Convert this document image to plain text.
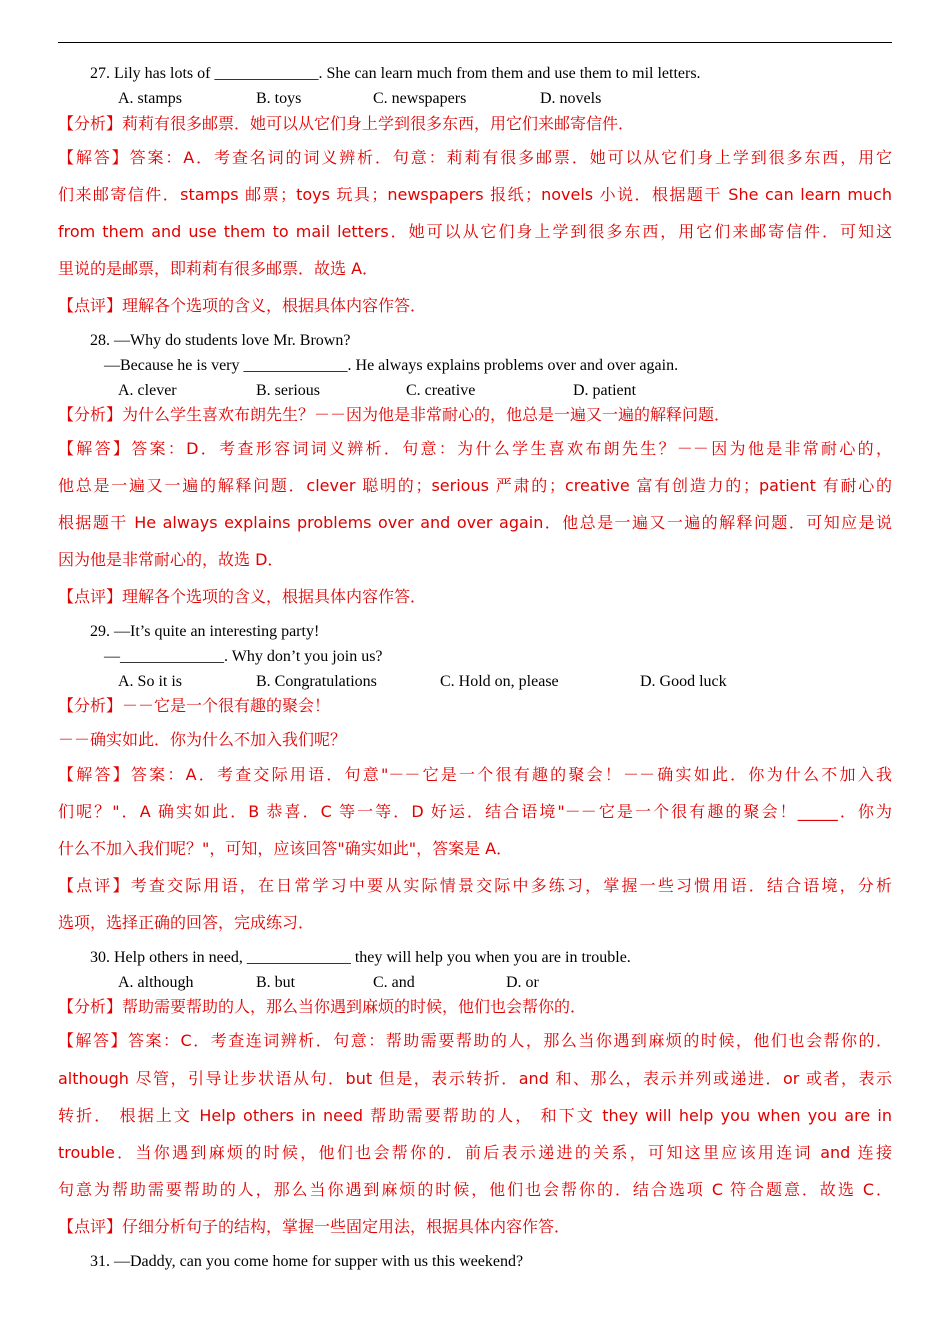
27. Lily has lots of _____________. She can learn much from them and use them to mil letters.
A. stamps	B. toys	C. newspapers	D. novels
【分析】莉莉有很多邮票．她可以从它们身上学到很多东西，用它们来邮寄信件．
【解答】答案：A．考查名词的词义辨析．句意：莉莉有很多邮票．她可以从它们身上学到很多东西，用它
们来邮寄信件．stamps 邮票；toys 玩具；newspapers 报纸；novels 小说．根据题干 She can learn much
from them and use them to mail letters．她可以从它们身上学到很多东西，用它们来邮寄信件．可知这
里说的是邮票，即莉莉有很多邮票．故选 A．
【点评】理解各个选项的含义，根据具体内容作答．
28. —Why do students love Mr. Brown?
—Because he is very _____________. He always explains problems over and over again.
A. clever	B. serious	C. creative	D. patient
【分析】为什么学生喜欢布朗先生？－－因为他是非常耐心的，他总是一遍又一遍的解释问题．
【解答】答案：D．考查形容词词义辨析．句意：为什么学生喜欢布朗先生？－－因为他是非常耐心的，
他总是一遍又一遍的解释问题．clever 聪明的；serious 严肃的；creative 富有创造力的；patient 有耐心的
根据题干 He always explains problems over and over again．他总是一遍又一遍的解释问题．可知应是说
因为他是非常耐心的，故选 D．
【点评】理解各个选项的含义，根据具体内容作答．
29. —It’s quite an interesting party!
—_____________. Why don’t you join us?
A. So it is	B. Congratulations	C. Hold on, please	D. Good luck
【分析】－－它是一个很有趣的聚会！
－－确实如此．你为什么不加入我们呢？
【解答】答案：A．考查交际用语．句意"－－它是一个很有趣的聚会！－－确实如此．你为什么不加入我
们呢？"．A 确实如此．B 恭喜．C 等一等．D 好运．结合语境"－－它是一个很有趣的聚会！_____．你为
什么不加入我们呢？"，可知，应该回答"确实如此"，答案是 A．
【点评】考查交际用语，在日常学习中要从实际情景交际中多练习，掌握一些习惯用语．结合语境，分析
选项，选择正确的回答，完成练习．
30. Help others in need, _____________ they will help you when you are in trouble.
A. although	B. but	C. and	D. or
【分析】帮助需要帮助的人，那么当你遇到麻烦的时候，他们也会帮你的．
【解答】答案：C．考查连词辨析．句意：帮助需要帮助的人，那么当你遇到麻烦的时候，他们也会帮你的．
although 尽管，引导让步状语从句．but 但是，表示转折．and 和、那么，表示并列或递进．or 或者，表示
转折． 根据上文 Help others in need 帮助需要帮助的人， 和下文 they will help you when you are in
trouble．当你遇到麻烦的时候，他们也会帮你的．前后表示递进的关系，可知这里应该用连词 and 连接
句意为帮助需要帮助的人，那么当你遇到麻烦的时候，他们也会帮你的．结合选项 C 符合题意．故选 C．
【点评】仔细分析句子的结构，掌握一些固定用法，根据具体内容作答．
31. —Daddy, can you come home for supper with us this weekend?
